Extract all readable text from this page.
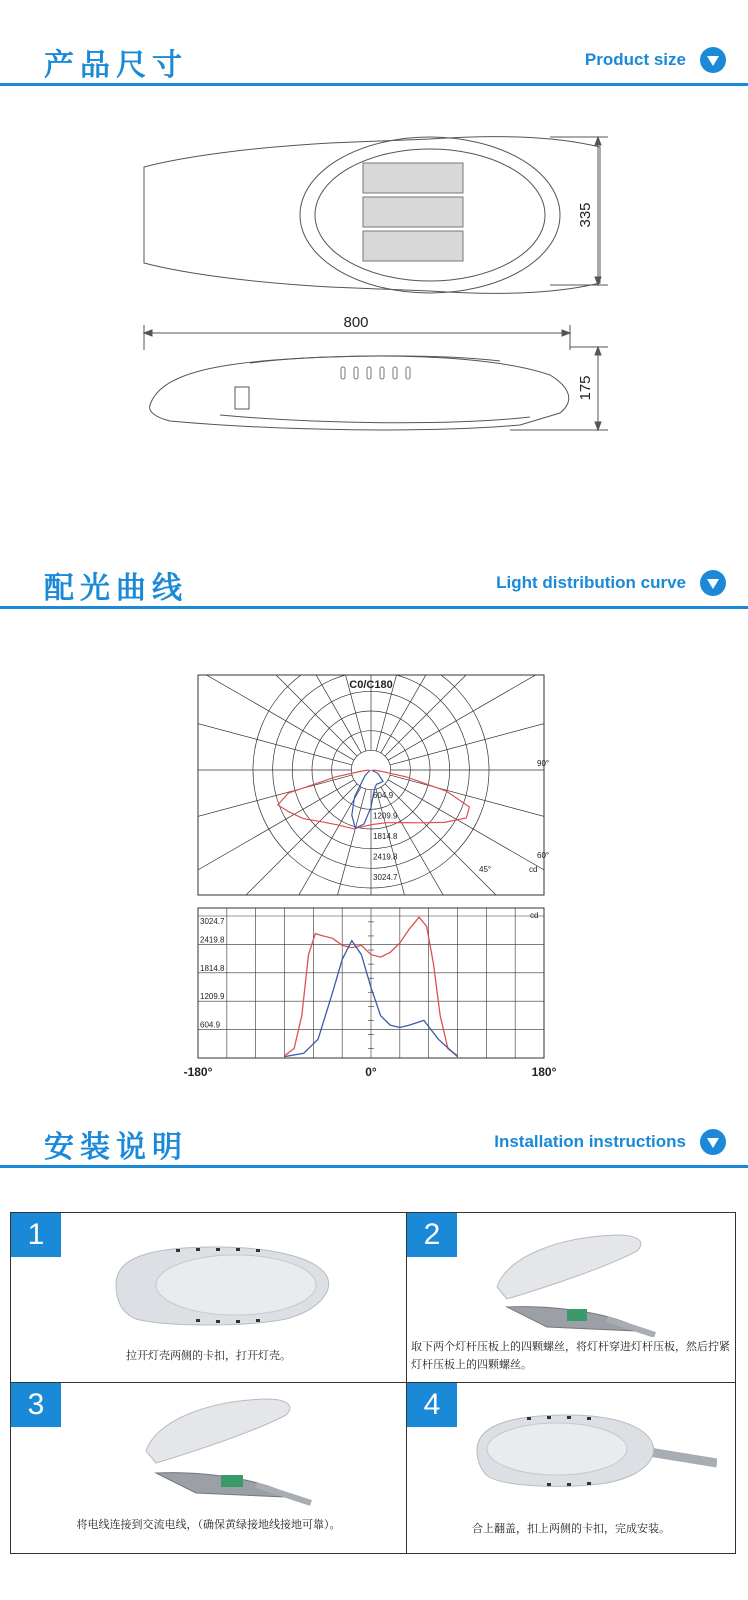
产品尺寸	Product size
335
800
175
配光曲线	Light distribution curve
C0/C180
604.9
1209.9
1814.8
2419.8
3024.7
90°
60°
45°	cd
604.9
1209.9
1814.8
2419.8
3024.7
cd
-180°	0°	180°
安装说明	Installation instructions
1
拉开灯壳两侧的卡扣，打开灯壳。
2
取下两个灯杆压板上的四颗螺丝，将灯杆穿进灯杆压板，然后拧紧灯杆压板上的四颗螺丝。
3
将电线连接到交流电线，（确保黄绿接地线接地可靠）。
4
合上翻盖，扣上两侧的卡扣，完成安装。
